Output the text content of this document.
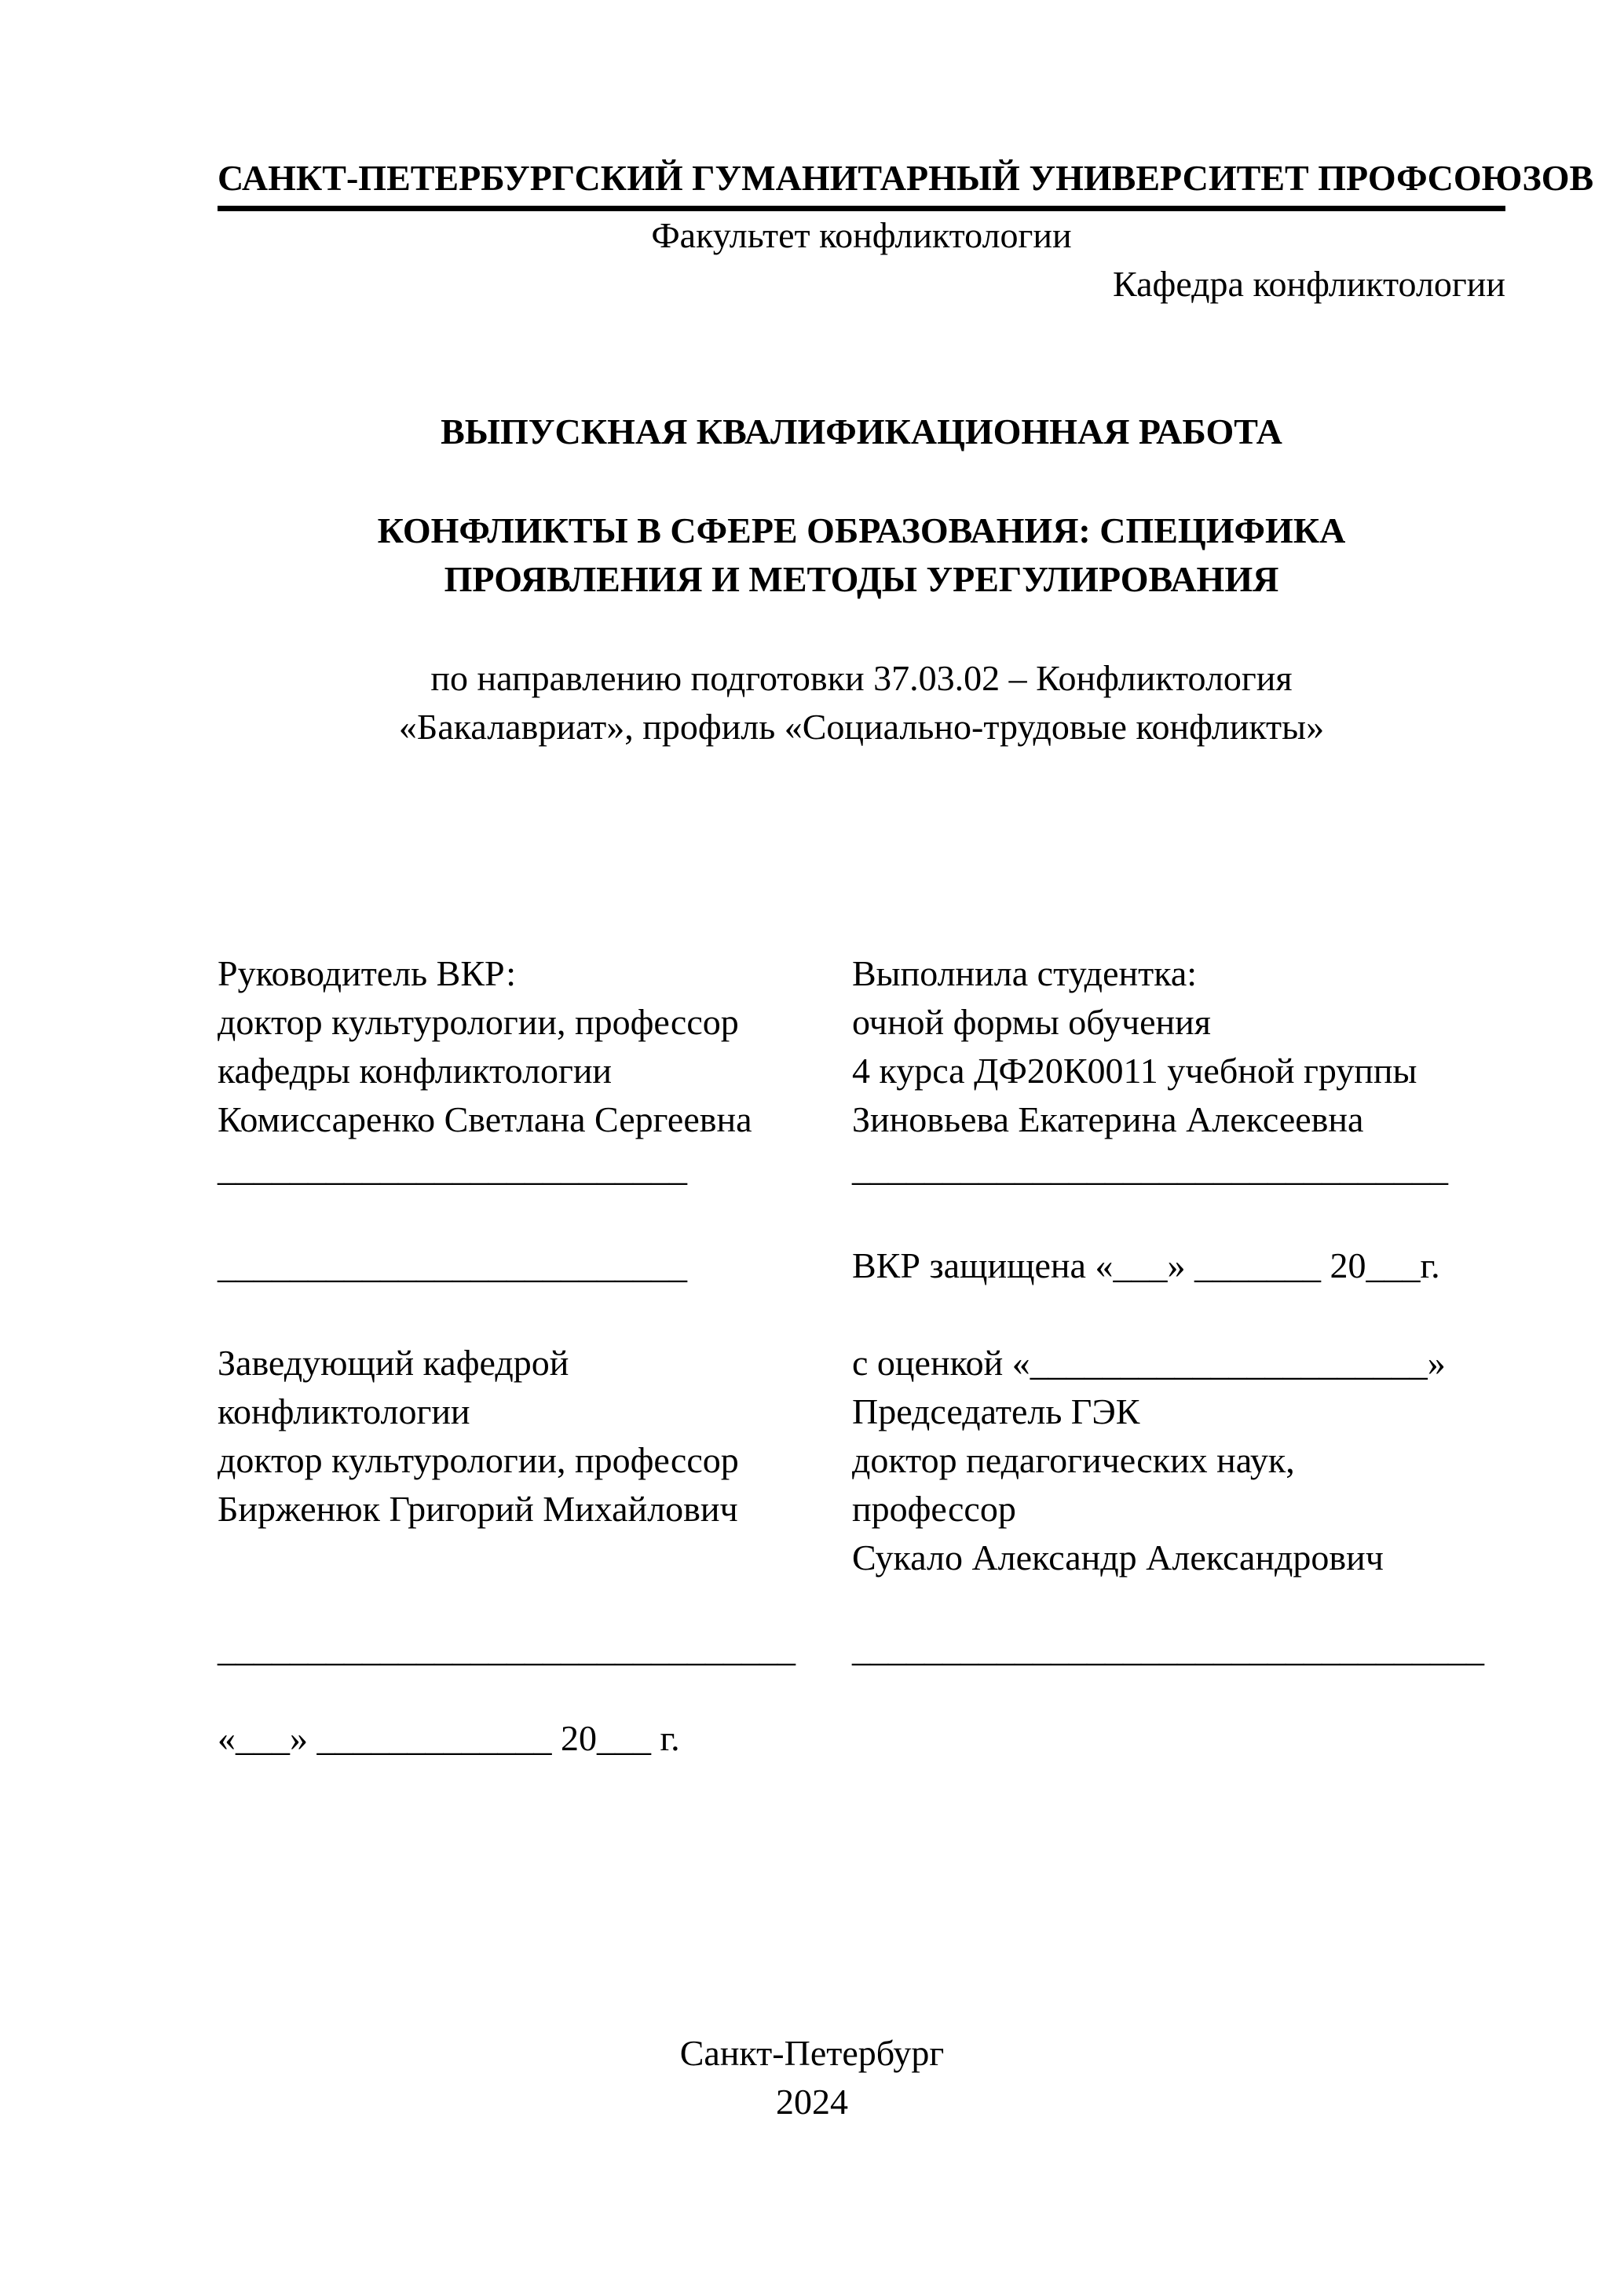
САНКТ-ПЕТЕРБУРГСКИЙ ГУМАНИТАРНЫЙ УНИВЕРСИТЕТ ПРОФСОЮЗОВ
Факультет конфликтологии
Кафедра конфликтологии
ВЫПУСКНАЯ КВАЛИФИКАЦИОННАЯ РАБОТА
КОНФЛИКТЫ В СФЕРЕ ОБРАЗОВАНИЯ: СПЕЦИФИКА
ПРОЯВЛЕНИЯ И МЕТОДЫ УРЕГУЛИРОВАНИЯ
по направлению подготовки 37.03.02 – Конфликтология
«Бакалавриат», профиль «Социально-трудовые конфликты»
Руководитель ВКР:
доктор культурологии, профессор
кафедры конфликтологии
Комиссаренко Светлана Сергеевна
__________________________
__________________________
Заведующий кафедрой
конфликтологии
доктор культурологии, профессор
Бирженюк Григорий Михайлович
Выполнила студентка:
очной формы обучения
4 курса ДФ20К0011 учебной группы
Зиновьева Екатерина Алексеевна
_________________________________
ВКР защищена «___» _______ 20___г.
с оценкой «______________________»
Председатель ГЭК
доктор педагогических наук,
профессор
Сукало Александр Александрович
________________________________	___________________________________
«___» _____________ 20___ г.
Санкт-Петербург
2024
